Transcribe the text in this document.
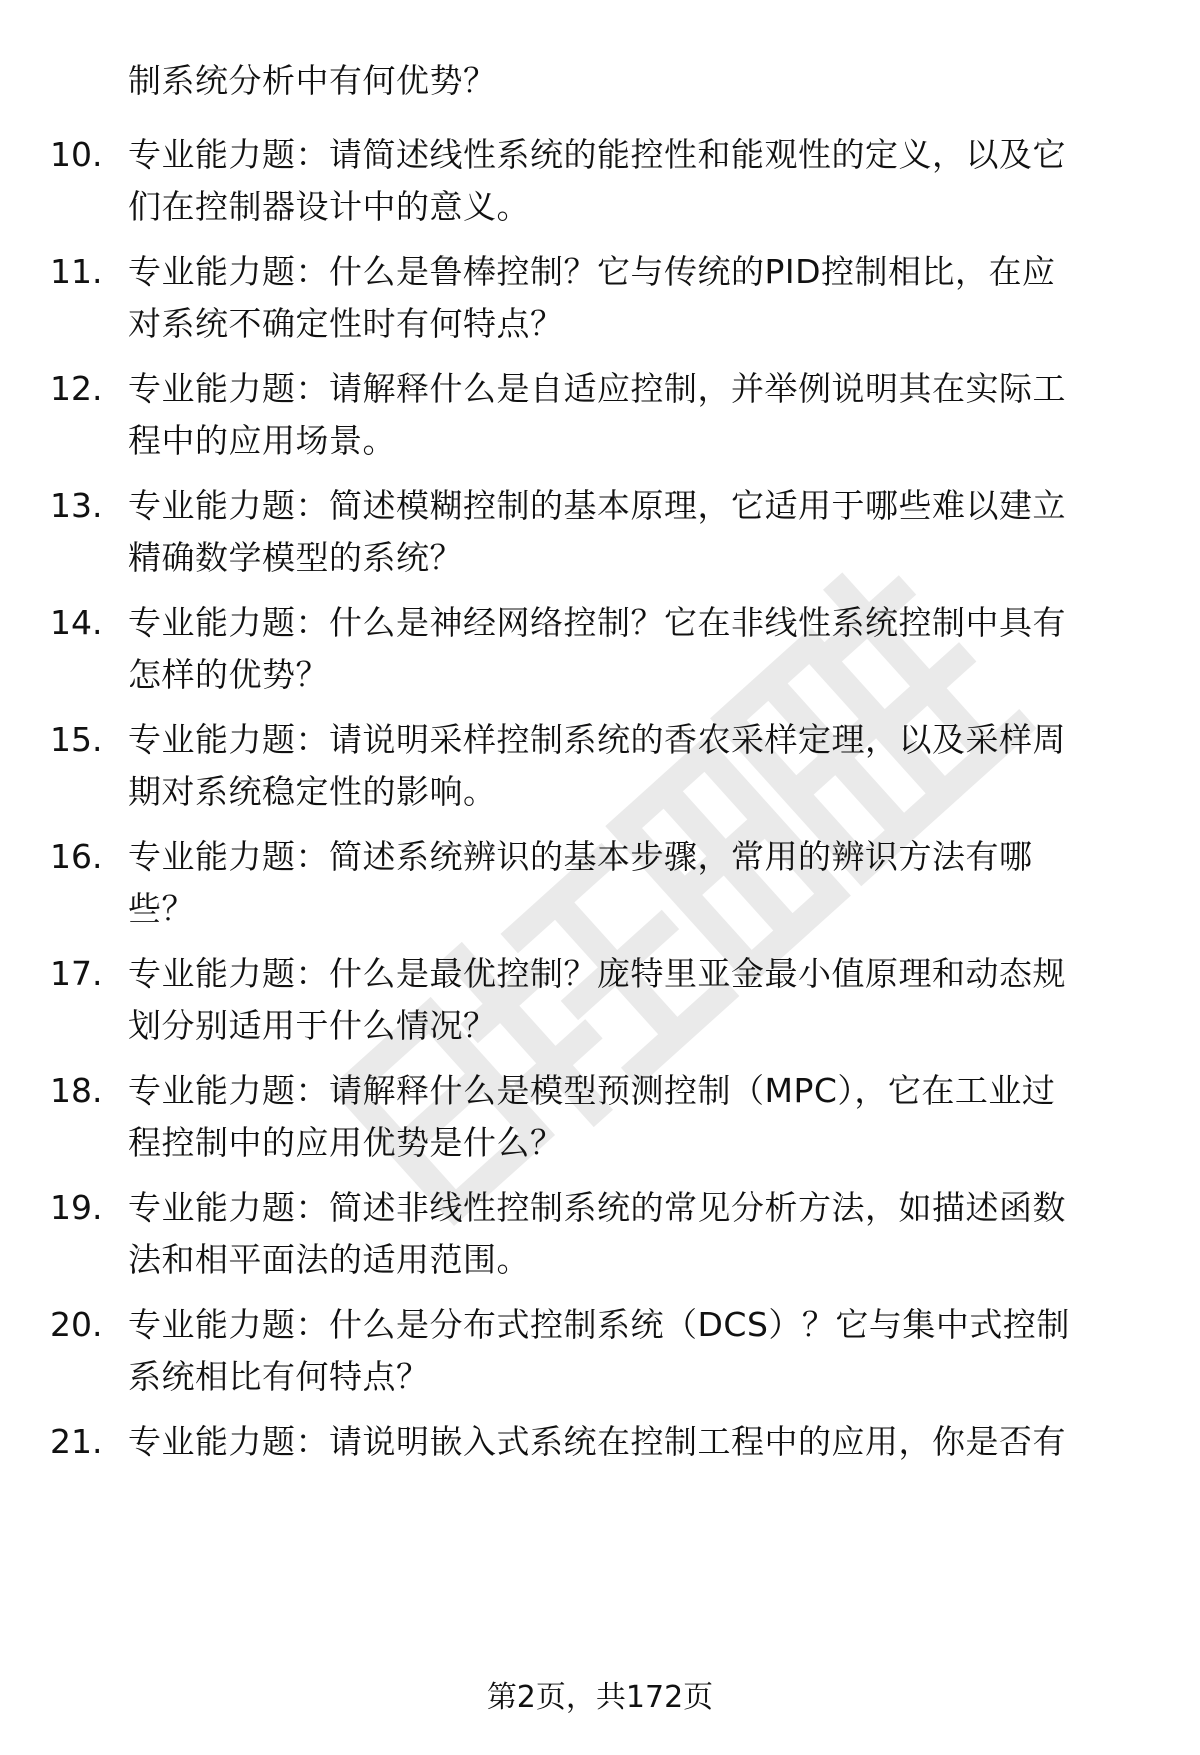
制系统分析中有何优势？
10. 专业能力题：请简述线性系统的能控性和能观性的定义，以及它
们在控制器设计中的意义。
11. 专业能力题：什么是鲁棒控制？它与传统的PID控制相比，在应
对系统不确定性时有何特点？
12. 专业能力题：请解释什么是自适应控制，并举例说明其在实际工
程中的应用场景。
13. 专业能力题：简述模糊控制的基本原理，它适用于哪些难以建立
精确数学模型的系统？
14. 专业能力题：什么是神经网络控制？它在非线性系统控制中具有
怎样的优势？
15. 专业能力题：请说明采样控制系统的香农采样定理，以及采样周
期对系统稳定性的影响。
16. 专业能力题：简述系统辨识的基本步骤，常用的辨识方法有哪
些？
17. 专业能力题：什么是最优控制？庞特里亚金最小值原理和动态规
划分别适用于什么情况？
18. 专业能力题：请解释什么是模型预测控制（MPC），它在工业过
程控制中的应用优势是什么？
19. 专业能力题：简述非线性控制系统的常见分析方法，如描述函数
法和相平面法的适用范围。
20. 专业能力题：什么是分布式控制系统（DCS）？它与集中式控制
系统相比有何特点？
21. 专业能力题：请说明嵌入式系统在控制工程中的应用，你是否有
第2页，共172页
